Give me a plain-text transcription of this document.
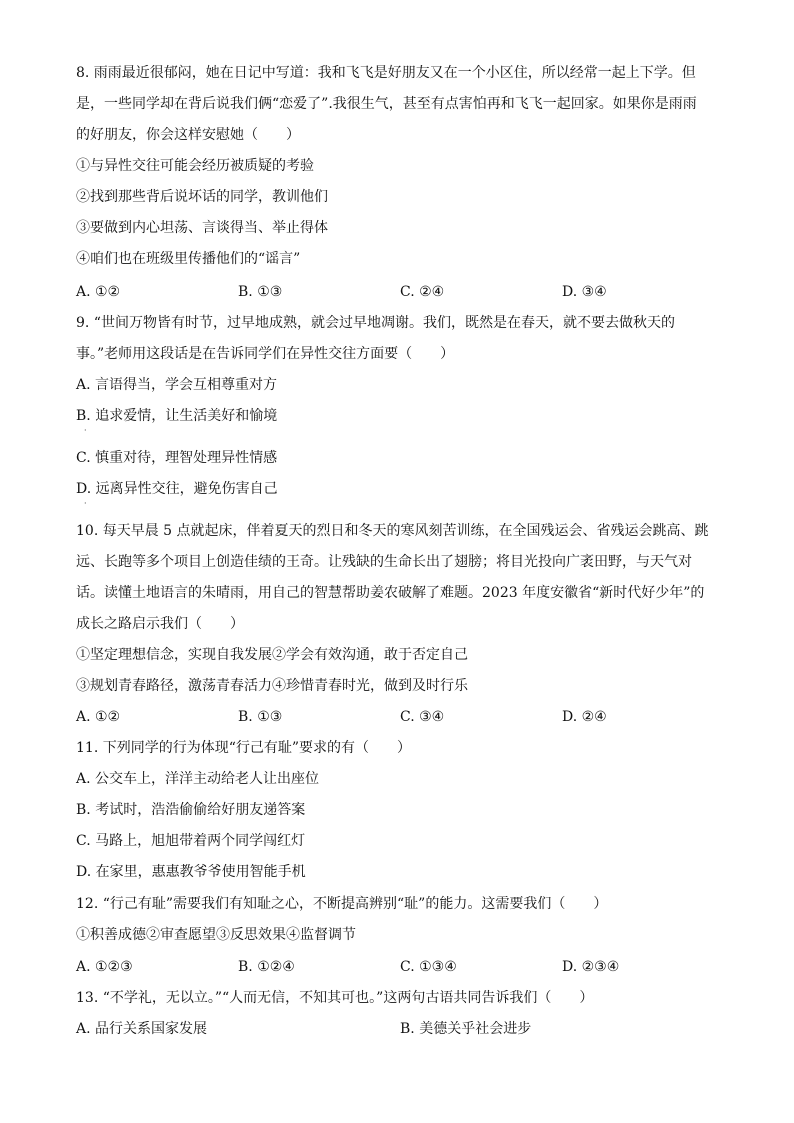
8. 雨雨最近很郁闷，她在日记中写道：我和飞飞是好朋友又在一个小区住，所以经常一起上下学。但
是，一些同学却在背后说我们俩“恋爱了”.我很生气，甚至有点害怕再和飞飞一起回家。如果你是雨雨
的好朋友，你会这样安慰她（　　）
①与异性交往可能会经历被质疑的考验
②找到那些背后说坏话的同学，教训他们
③要做到内心坦荡、言谈得当、举止得体
④咱们也在班级里传播他们的“谣言”
A. ①②	B. ①③	C. ②④	D. ③④
9. “世间万物皆有时节，过早地成熟，就会过早地凋谢。我们，既然是在春天，就不要去做秋天的
事。”老师用这段话是在告诉同学们在异性交往方面要（　　）
A. 言语得当，学会互相尊重对方
B. 追求爱情，让生活美好和愉境
·
C. 慎重对待，理智处理异性情感
D. 远离异性交往，避免伤害自己
·
10. 每天早晨 5 点就起床，伴着夏天的烈日和冬天的寒风刻苦训练，在全国残运会、省残运会跳高、跳
远、长跑等多个项目上创造佳绩的王奇。让残缺的生命长出了翅膀；将目光投向广袤田野，与天气对
话。读懂土地语言的朱晴雨，用自己的智慧帮助姜农破解了难题。2023 年度安徽省“新时代好少年”的
成长之路启示我们（　　）
①坚定理想信念，实现自我发展②学会有效沟通，敢于否定自己
③规划青春路径，激荡青春活力④珍惜青春时光，做到及时行乐
A. ①②	B. ①③	C. ③④	D. ②④
11. 下列同学的行为体现“行己有耻”要求的有（　　）
A. 公交车上，洋洋主动给老人让出座位
B. 考试时，浩浩偷偷给好朋友递答案
C. 马路上，旭旭带着两个同学闯红灯
D. 在家里，惠惠教爷爷使用智能手机
12. “行己有耻”需要我们有知耻之心，不断提高辨别“耻”的能力。这需要我们（　　）
①积善成德②审查愿望③反思效果④监督调节
A. ①②③	B. ①②④	C. ①③④	D. ②③④
13. “不学礼，无以立。”“人而无信，不知其可也。”这两句古语共同告诉我们（　　）
A. 品行关系国家发展	B. 美德关乎社会进步
